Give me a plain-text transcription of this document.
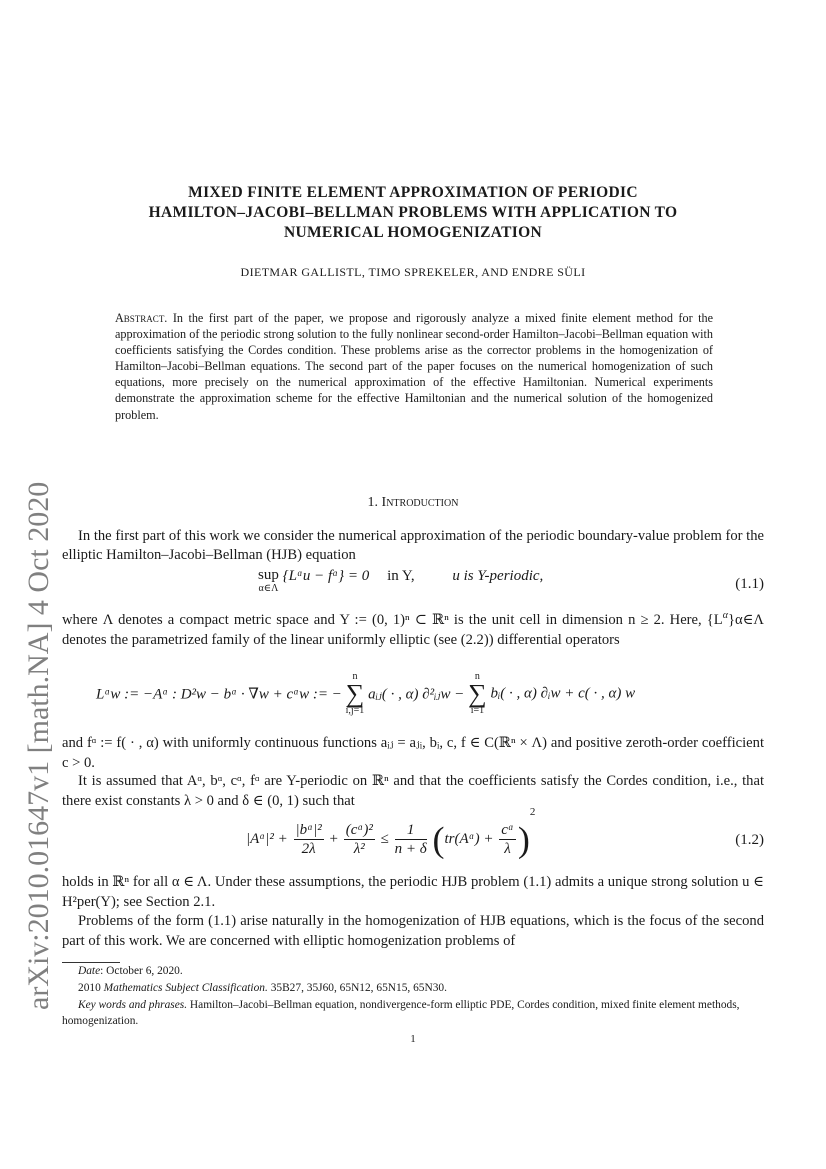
arXiv:2010.01647v1 [math.NA] 4 Oct 2020
MIXED FINITE ELEMENT APPROXIMATION OF PERIODIC
HAMILTON–JACOBI–BELLMAN PROBLEMS WITH APPLICATION TO
NUMERICAL HOMOGENIZATION
DIETMAR GALLISTL, TIMO SPREKELER, AND ENDRE SÜLI
Abstract. In the first part of the paper, we propose and rigorously analyze a mixed finite element method for the approximation of the periodic strong solution to the fully nonlinear second-order Hamilton–Jacobi–Bellman equation with coefficients satisfying the Cordes condition. These problems arise as the corrector problems in the homogenization of Hamilton–Jacobi–Bellman equations. The second part of the paper focuses on the numerical homogenization of such equations, more precisely on the numerical approximation of the effective Hamiltonian. Numerical experiments demonstrate the approximation scheme for the effective Hamiltonian and the numerical solution of the homogenized problem.
1. Introduction
In the first part of this work we consider the numerical approximation of the periodic boundary-value problem for the elliptic Hamilton–Jacobi–Bellman (HJB) equation
sup
α∈Λ
{Lᵅu − fᵅ} = 0 in Y,	u is Y-periodic,	(1.1)
where Λ denotes a compact metric space and Y := (0, 1)ⁿ ⊂ ℝⁿ is the unit cell in dimension n ≥ 2. Here, $\{L^\alpha\}\alpha\in\Lambda$ denotes the parametrized family of the linear uniformly elliptic (see (2.2)) differential operators
Lᵅw := −Aᵅ : D²w − bᵅ · ∇w + cᵅw := −
n
∑
i,j=1
aᵢⱼ( · , α) ∂²ᵢⱼw −
n
∑
i=1
bᵢ( · , α) ∂ᵢw + c( · , α) w
and fᵅ := f( · , α) with uniformly continuous functions aᵢⱼ = aⱼᵢ, bᵢ, c, f ∈ C(ℝⁿ × Λ) and positive zeroth-order coefficient c > 0.
It is assumed that Aᵅ, bᵅ, cᵅ, fᵅ are Y-periodic on ℝⁿ and that the coefficients satisfy the Cordes condition, i.e., that there exist constants λ > 0 and δ ∈ (0, 1) such that
|Aᵅ|² + $\frac{\text{|bᵅ|²}}{2\lambda} + \frac{\text{(cᵅ)²}}{\text{λ²}} \le \frac{1}{n + \delta}$ (tr(Aᵅ) + $\frac{\text{cᵅ}}{\lambda} )^2$
(1.2)
holds in ℝⁿ for all α ∈ Λ. Under these assumptions, the periodic HJB problem (1.1) admits a unique strong solution u ∈ H²per(Y); see Section 2.1.
Problems of the form (1.1) arise naturally in the homogenization of HJB equations, which is the focus of the second part of this work. We are concerned with elliptic homogenization problems of
Date: October 6, 2020.
2010 Mathematics Subject Classification. 35B27, 35J60, 65N12, 65N15, 65N30.
Key words and phrases. Hamilton–Jacobi–Bellman equation, nondivergence-form elliptic PDE, Cordes condition, mixed finite element methods, homogenization.
1
